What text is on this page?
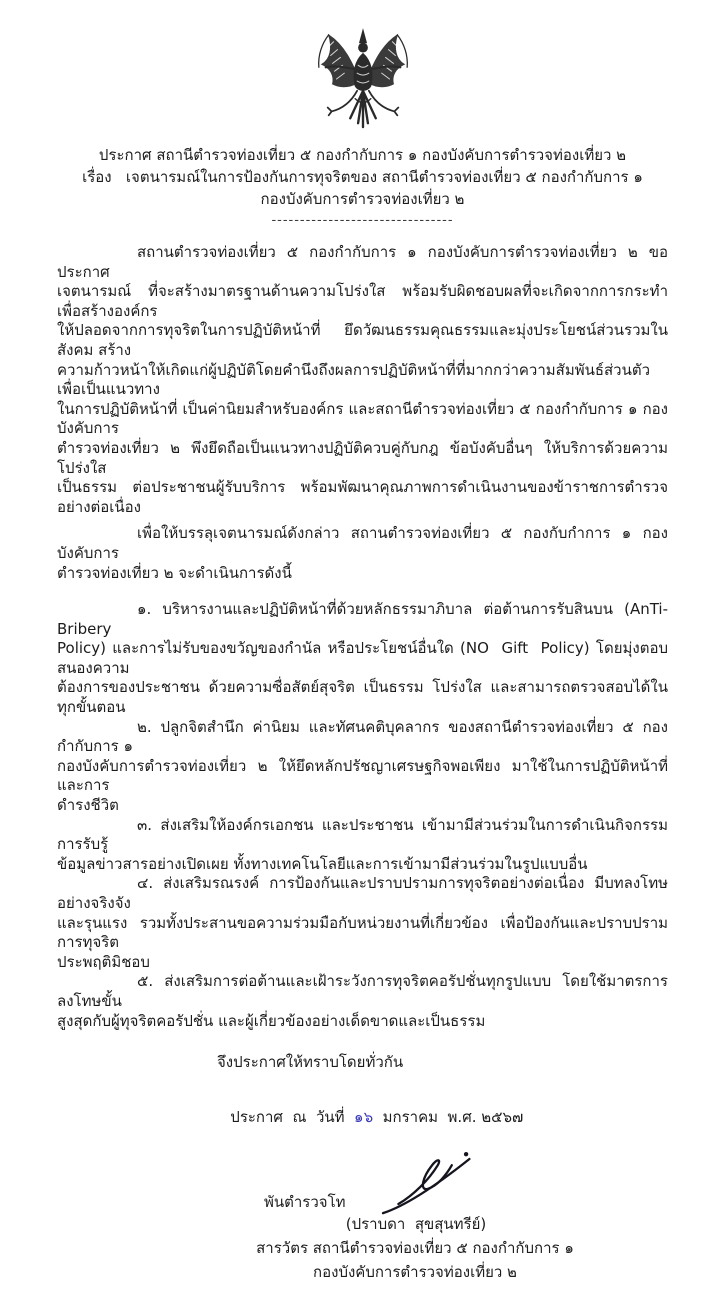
ประกาศ สถานีตำรวจท่องเที่ยว ๕ กองกำกับการ ๑ กองบังคับการตำรวจท่องเที่ยว ๒
เรื่อง   เจตนารมณ์ในการป้องกันการทุจริตของ สถานีตำรวจท่องเที่ยว ๕ กองกำกับการ ๑
กองบังคับการตำรวจท่องเที่ยว ๒
--------------------------------
สถานตำรวจท่องเที่ยว ๕ กองกำกับการ ๑ กองบังคับการตำรวจท่องเที่ยว ๒ ขอประกาศ
เจตนารมณ์ ที่จะสร้างมาตรฐานด้านความโปร่งใส พร้อมรับผิดชอบผลที่จะเกิดจากการกระทำ เพื่อสร้างองค์กร
ให้ปลอดจากการทุจริตในการปฏิบัติหน้าที่ ยึดวัฒนธรรมคุณธรรมและมุ่งประโยชน์ส่วนรวมในสังคม สร้าง
ความก้าวหน้าให้เกิดแก่ผู้ปฏิบัติโดยคำนึงถึงผลการปฏิบัติหน้าที่ที่มากกว่าความสัมพันธ์ส่วนตัว เพื่อเป็นแนวทาง
ในการปฏิบัติหน้าที่ เป็นค่านิยมสำหรับองค์กร และสถานีตำรวจท่องเที่ยว ๕ กองกำกับการ ๑ กองบังคับการ
ตำรวจท่องเที่ยว ๒ พึงยึดถือเป็นแนวทางปฏิบัติควบคู่กับกฎ ข้อบังคับอื่นๆ ให้บริการด้วยความโปร่งใส
เป็นธรรม ต่อประชาชนผู้รับบริการ พร้อมพัฒนาคุณภาพการดำเนินงานของข้าราชการตำรวจอย่างต่อเนื่อง
เพื่อให้บรรลุเจตนารมณ์ดังกล่าว สถานตำรวจท่องเที่ยว ๕ กองกับกำการ ๑ กองบังคับการ
ตำรวจท่องเที่ยว ๒ จะดำเนินการดังนี้
๑. บริหารงานและปฏิบัติหน้าที่ด้วยหลักธรรมาภิบาล ต่อต้านการรับสินบน (AnTi-Bribery
Policy) และการไม่รับของขวัญของกำนัล หรือประโยชน์อื่นใด (NO  Gift  Policy) โดยมุ่งตอบสนองความ
ต้องการของประชาชน ด้วยความซื่อสัตย์สุจริต เป็นธรรม โปร่งใส และสามารถตรวจสอบได้ในทุกขั้นตอน
๒. ปลูกจิตสำนึก ค่านิยม และทัศนคติบุคลากร ของสถานีตำรวจท่องเที่ยว ๕ กองกำกับการ ๑
กองบังคับการตำรวจท่องเที่ยว ๒ ให้ยึดหลักปรัชญาเศรษฐกิจพอเพียง มาใช้ในการปฏิบัติหน้าที่และการ
ดำรงชีวิต
๓. ส่งเสริมให้องค์กรเอกชน และประชาชน เข้ามามีส่วนร่วมในการดำเนินกิจกรรม การรับรู้
ข้อมูลข่าวสารอย่างเปิดเผย ทั้งทางเทคโนโลยีและการเข้ามามีส่วนร่วมในรูปแบบอื่น
๔. ส่งเสริมรณรงค์ การป้องกันและปราบปรามการทุจริตอย่างต่อเนื่อง มีบทลงโทษอย่างจริงจัง
และรุนแรง รวมทั้งประสานขอความร่วมมือกับหน่วยงานที่เกี่ยวข้อง เพื่อป้องกันและปราบปรามการทุจริต
ประพฤติมิชอบ
๕. ส่งเสริมการต่อต้านและเฝ้าระวังการทุจริตคอรัปชั่นทุกรูปแบบ โดยใช้มาตรการลงโทษขั้น
สูงสุดกับผู้ทุจริตคอรัปชั่น และผู้เกี่ยวข้องอย่างเด็ดขาดและเป็นธรรม
จึงประกาศให้ทราบโดยทั่วกัน

ประกาศ  ณ  วันที่  ๑๖  มกราคม  พ.ศ. ๒๕๖๗

พันตำรวจโท
(ปราบดา  สุขสุนทรีย์)
สารวัตร สถานีตำรวจท่องเที่ยว ๕ กองกำกับการ ๑
กองบังคับการตำรวจท่องเที่ยว ๒
